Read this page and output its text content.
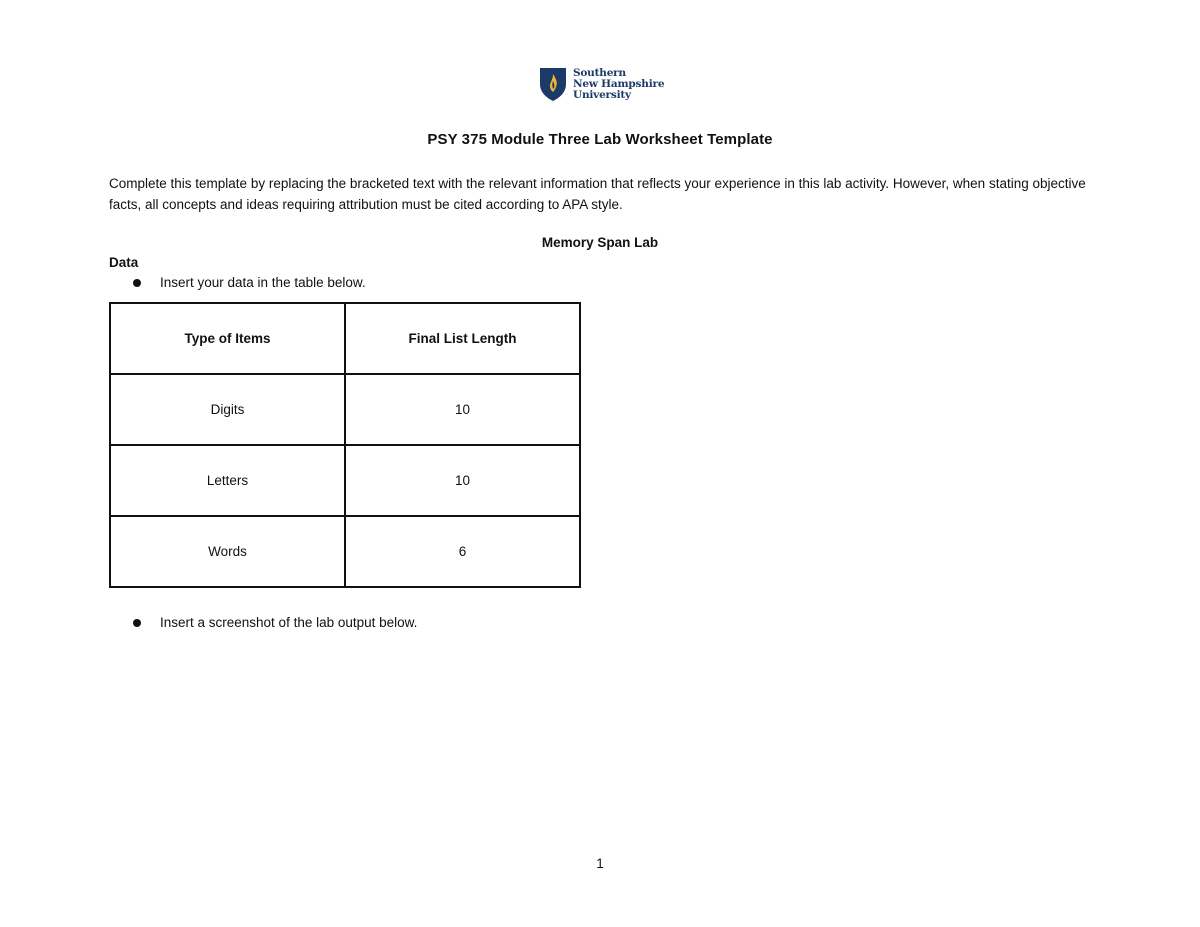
Southern
New Hampshire
University
PSY 375 Module Three Lab Worksheet Template
Complete this template by replacing the bracketed text with the relevant information that reflects your experience in this lab activity. However, when stating objective facts, all concepts and ideas requiring attribution must be cited according to APA style.
Memory Span Lab
Data
Insert your data in the table below.
Type of Items	Final List Length
Digits	10
Letters	10
Words	6
Insert a screenshot of the lab output below.
1
